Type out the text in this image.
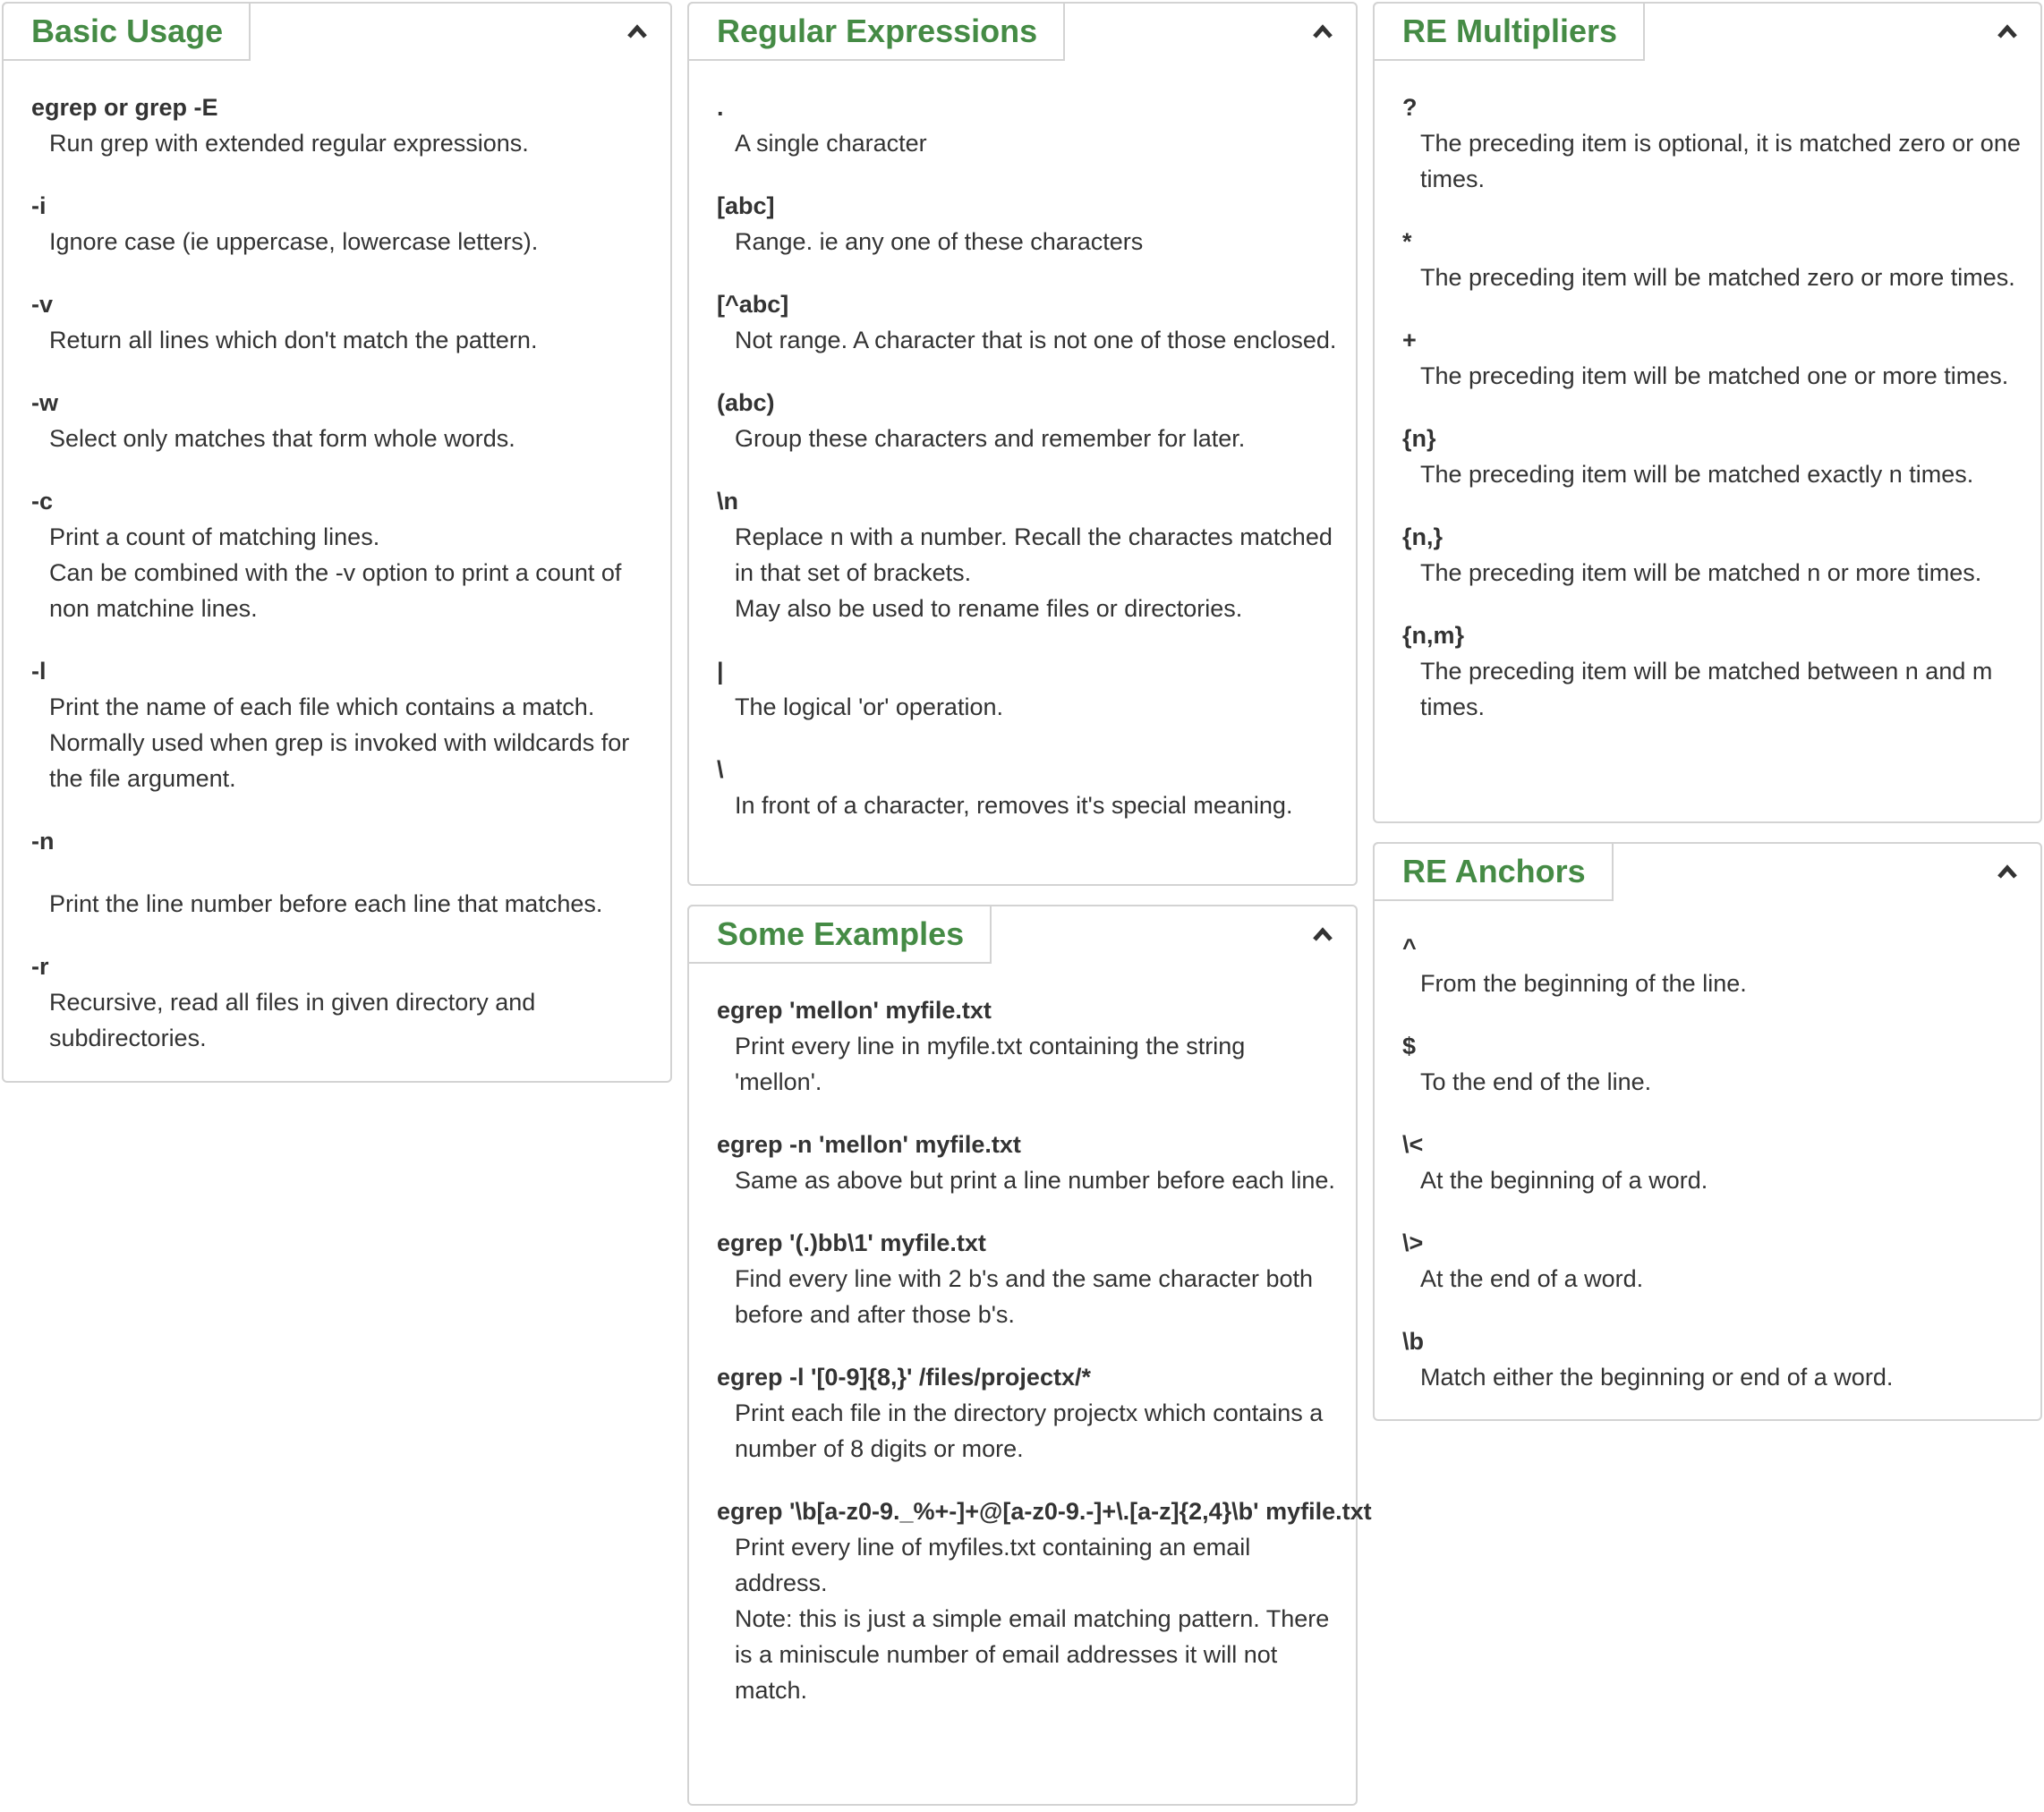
Basic Usage
egrep or grep -E
Run grep with extended regular expressions.
-i
Ignore case (ie uppercase, lowercase letters).
-v
Return all lines which don't match the pattern.
-w
Select only matches that form whole words.
-c
Print a count of matching lines.
Can be combined with the -v option to print a count of non matchine lines.
-l
Print the name of each file which contains a match.
Normally used when grep is invoked with wildcards for the file argument.
-n
Print the line number before each line that matches.
-r
Recursive, read all files in given directory and subdirectories.
Regular Expressions
.
A single character
[abc]
Range. ie any one of these characters
[^abc]
Not range. A character that is not one of those enclosed.
(abc)
Group these characters and remember for later.
\n
Replace n with a number. Recall the charactes matched in that set of brackets.
May also be used to rename files or directories.
|
The logical 'or' operation.
\
In front of a character, removes it's special meaning.
Some Examples
egrep 'mellon' myfile.txt
Print every line in myfile.txt containing the string 'mellon'.
egrep -n 'mellon' myfile.txt
Same as above but print a line number before each line.
egrep '(.)bb\1' myfile.txt
Find every line with 2 b's and the same character both before and after those b's.
egrep -l '[0-9]{8,}' /files/projectx/*
Print each file in the directory projectx which contains a number of 8 digits or more.
egrep '\b[a-z0-9._%+-]+@[a-z0-9.-]+\.[a-z]{2,4}\b' myfile.txt
Print every line of myfiles.txt containing an email address.
Note: this is just a simple email matching pattern. There is a miniscule number of email addresses it will not match.
RE Multipliers
?
The preceding item is optional, it is matched zero or one times.
*
The preceding item will be matched zero or more times.
+
The preceding item will be matched one or more times.
{n}
The preceding item will be matched exactly n times.
{n,}
The preceding item will be matched n or more times.
{n,m}
The preceding item will be matched between n and m times.
RE Anchors
^
From the beginning of the line.
$
To the end of the line.
\<
At the beginning of a word.
\>
At the end of a word.
\b
Match either the beginning or end of a word.
